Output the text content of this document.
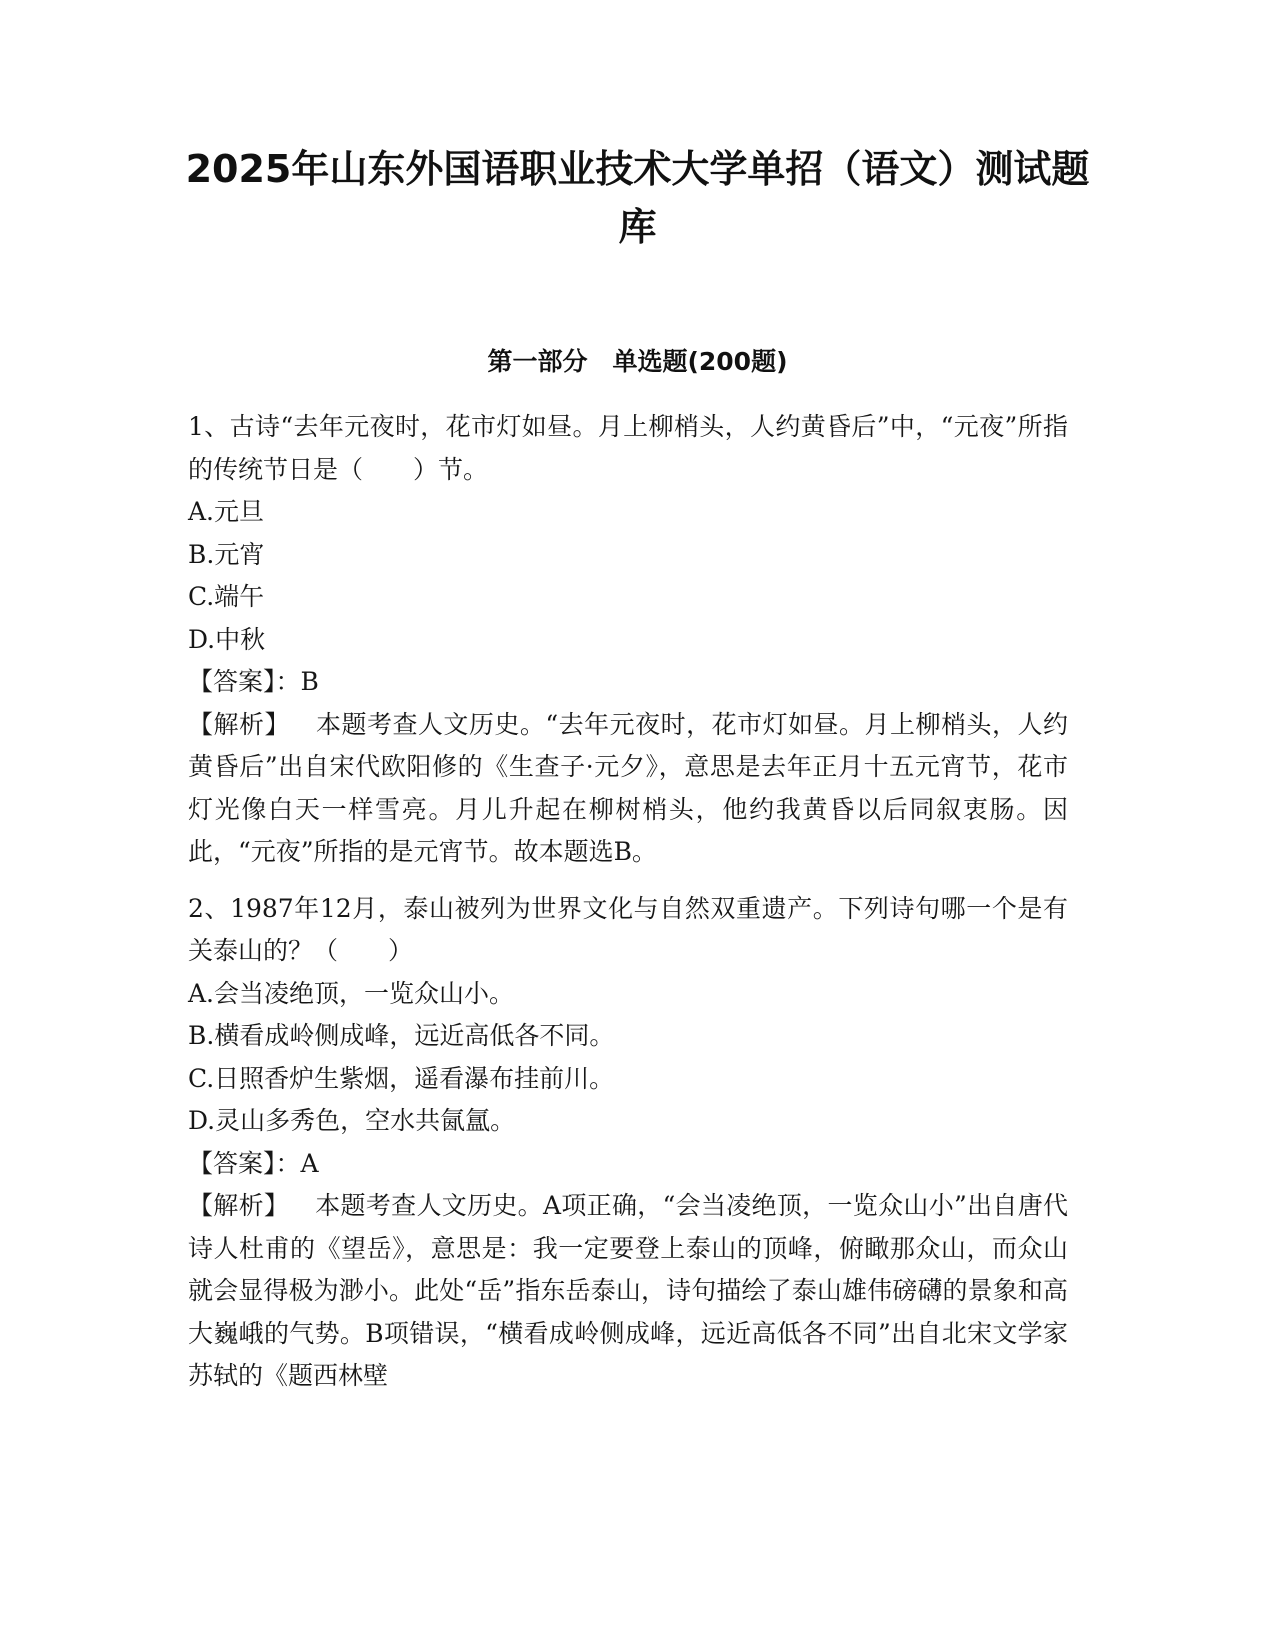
2025年山东外国语职业技术大学单招（语文）测试题库
第一部分　单选题(200题)

1、古诗“去年元夜时，花市灯如昼。月上柳梢头，人约黄昏后”中，“元夜”所指的传统节日是（　　）节。

A.元旦

B.元宵

C.端午

D.中秋

【答案】：B

【解析】 本题考查人文历史。“去年元夜时，花市灯如昼。月上柳梢头，人约黄昏后”出自宋代欧阳修的《生查子·元夕》，意思是去年正月十五元宵节，花市灯光像白天一样雪亮。月儿升起在柳树梢头，他约我黄昏以后同叙衷肠。因此，“元夜”所指的是元宵节。故本题选B。

2、1987年12月，泰山被列为世界文化与自然双重遗产。下列诗句哪一个是有关泰山的？（　　）

A.会当凌绝顶，一览众山小。

B.横看成岭侧成峰，远近高低各不同。

C.日照香炉生紫烟，遥看瀑布挂前川。

D.灵山多秀色，空水共氤氲。

【答案】：A

【解析】 本题考查人文历史。A项正确，“会当凌绝顶，一览众山小”出自唐代诗人杜甫的《望岳》，意思是：我一定要登上泰山的顶峰，俯瞰那众山，而众山就会显得极为渺小。此处“岳”指东岳泰山，诗句描绘了泰山雄伟磅礴的景象和高大巍峨的气势。B项错误，“横看成岭侧成峰，远近高低各不同”出自北宋文学家苏轼的《题西林壁
